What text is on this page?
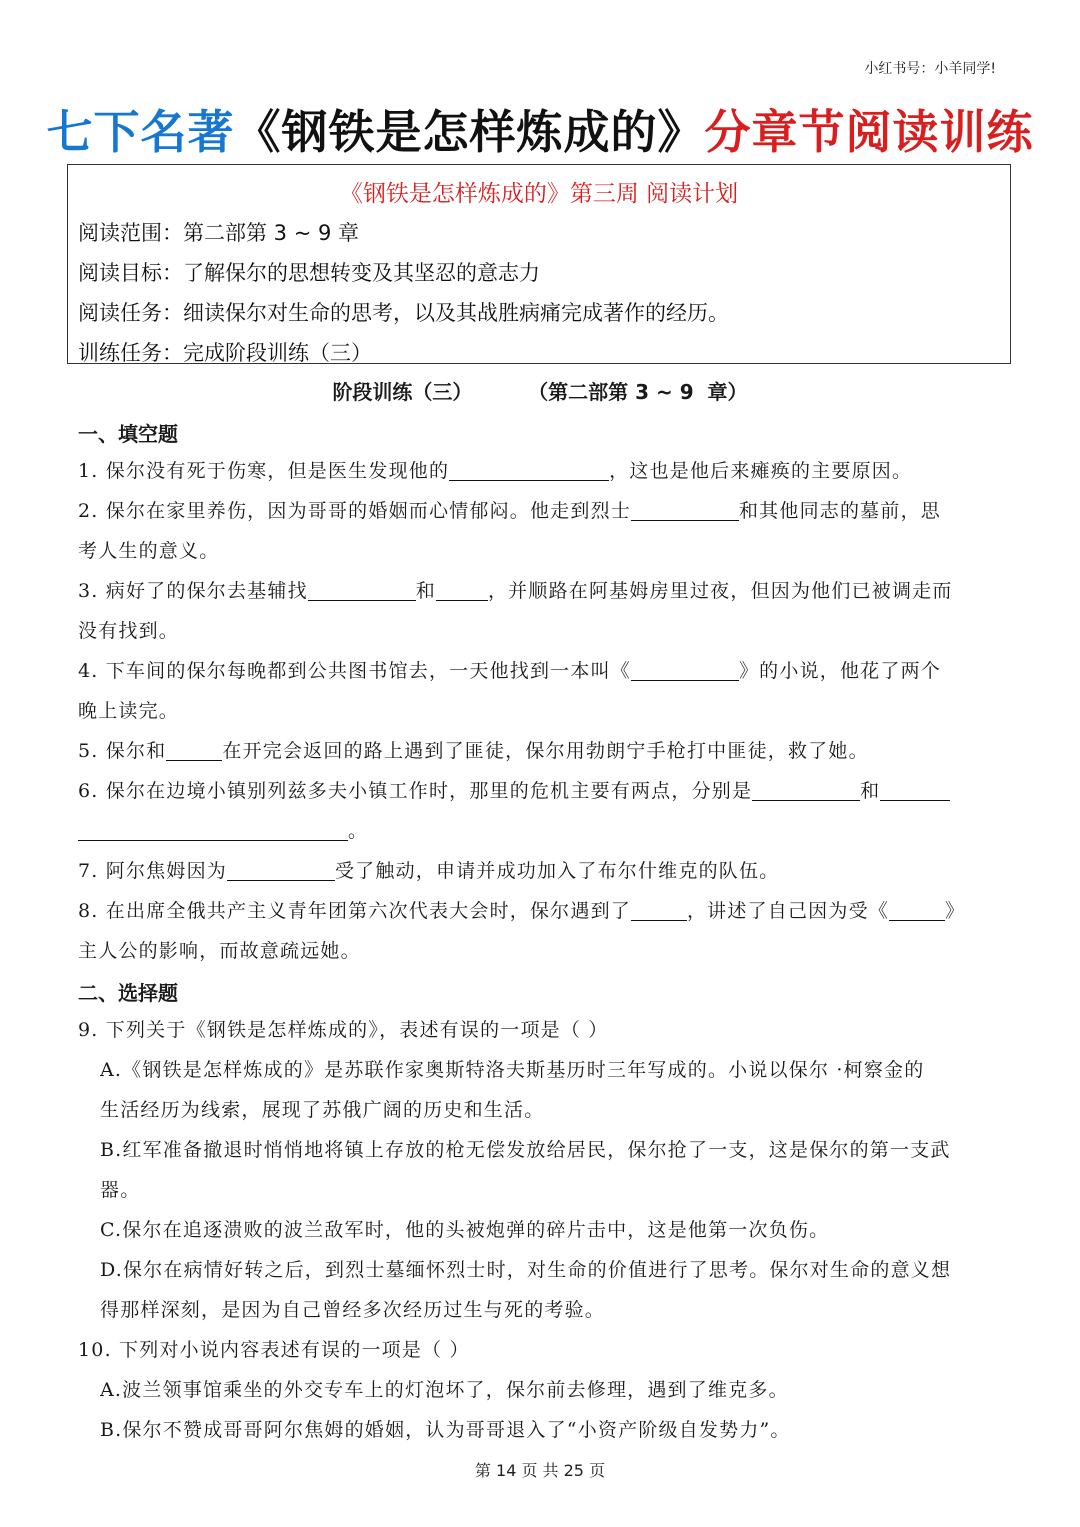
小红书号：小羊同学!
七下名著《钢铁是怎样炼成的》分章节阅读训练
《钢铁是怎样炼成的》第三周 阅读计划
阅读范围：第二部第 3 ~ 9 章
阅读目标：了解保尔的思想转变及其坚忍的意志力
阅读任务：细读保尔对生命的思考，以及其战胜病痛完成著作的经历。
训练任务：完成阶段训练（三）
阶段训练（三）        （第二部第 3 ~ 9  章）
一、填空题
1. 保尔没有死于伤寒，但是医生发现他的	，这也是他后来瘫痪的主要原因。
2. 保尔在家里养伤，因为哥哥的婚姻而心情郁闷。他走到烈士	和其他同志的墓前，思
考人生的意义。
3. 病好了的保尔去基辅找	和	，并顺路在阿基姆房里过夜，但因为他们已被调走而
没有找到。
4. 下车间的保尔每晚都到公共图书馆去，一天他找到一本叫《	》的小说，他花了两个
晚上读完。
5. 保尔和	在开完会返回的路上遇到了匪徒，保尔用勃朗宁手枪打中匪徒，救了她。
6. 保尔在边境小镇别列兹多夫小镇工作时，那里的危机主要有两点，分别是	和
。
7. 阿尔焦姆因为	受了触动，申请并成功加入了布尔什维克的队伍。
8. 在出席全俄共产主义青年团第六次代表大会时，保尔遇到了	，讲述了自己因为受《	》
主人公的影响，而故意疏远她。
二、选择题
9. 下列关于《钢铁是怎样炼成的》，表述有误的一项是（ ）
A.《钢铁是怎样炼成的》是苏联作家奥斯特洛夫斯基历时三年写成的。小说以保尔 ·柯察金的
生活经历为线索，展现了苏俄广阔的历史和生活。
B.红军准备撤退时悄悄地将镇上存放的枪无偿发放给居民，保尔抢了一支，这是保尔的第一支武
器。
C.保尔在追逐溃败的波兰敌军时，他的头被炮弹的碎片击中，这是他第一次负伤。
D.保尔在病情好转之后，到烈士墓缅怀烈士时，对生命的价值进行了思考。保尔对生命的意义想
得那样深刻，是因为自己曾经多次经历过生与死的考验。
10. 下列对小说内容表述有误的一项是（ ）
A.波兰领事馆乘坐的外交专车上的灯泡坏了，保尔前去修理，遇到了维克多。
B.保尔不赞成哥哥阿尔焦姆的婚姻，认为哥哥退入了“小资产阶级自发势力”。
第 14 页 共 25 页
